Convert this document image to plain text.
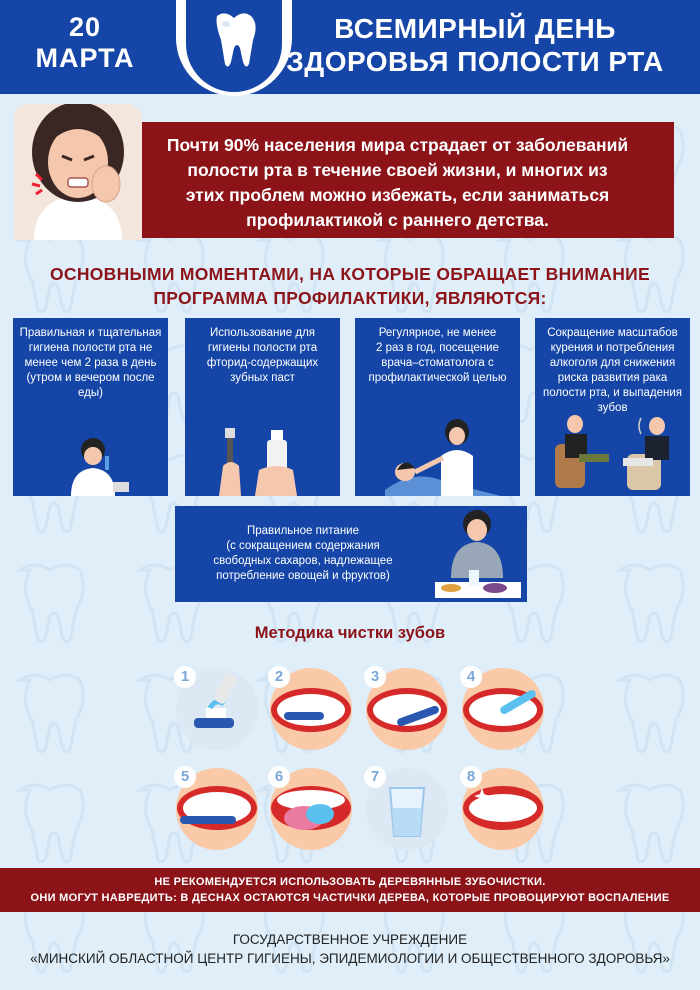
20
МАРТА
ВСЕМИРНЫЙ ДЕНЬ
ЗДОРОВЬЯ ПОЛОСТИ РТА
Почти 90% населения мира страдает от заболеваний
полости рта в течение своей жизни, и многих из
этих проблем можно избежать, если заниматься
профилактикой с раннего детства.
ОСНОВНЫМИ МОМЕНТАМИ, НА КОТОРЫЕ ОБРАЩАЕТ ВНИМАНИЕ
ПРОГРАММА ПРОФИЛАКТИКИ, ЯВЛЯЮТСЯ:
Правильная и тщательная
гигиена полости рта не
менее чем 2 раза в день
(утром и вечером после
еды)
Использование для
гигиены полости рта
фторид-содержащих
зубных паст
Регулярное, не менее
2 раз в год, посещение
врача–стоматолога с
профилактической целью
Сокращение масштабов
курения и потребления
алкоголя для снижения
риска развития рака
полости рта, и выпадения
зубов
Правильное питание
(с сокращением содержания
свободных сахаров, надлежащее
потребление овощей и фруктов)
Методика чистки зубов
1	2	3	4
5	6	7	8
НЕ РЕКОМЕНДУЕТСЯ ИСПОЛЬЗОВАТЬ ДЕРЕВЯННЫЕ ЗУБОЧИСТКИ.
ОНИ МОГУТ НАВРЕДИТЬ: В ДЕСНАХ ОСТАЮТСЯ ЧАСТИЧКИ ДЕРЕВА, КОТОРЫЕ ПРОВОЦИРУЮТ ВОСПАЛЕНИЕ
ГОСУДАРСТВЕННОЕ УЧРЕЖДЕНИЕ
«МИНСКИЙ ОБЛАСТНОЙ ЦЕНТР ГИГИЕНЫ, ЭПИДЕМИОЛОГИИ И ОБЩЕСТВЕННОГО ЗДОРОВЬЯ»
